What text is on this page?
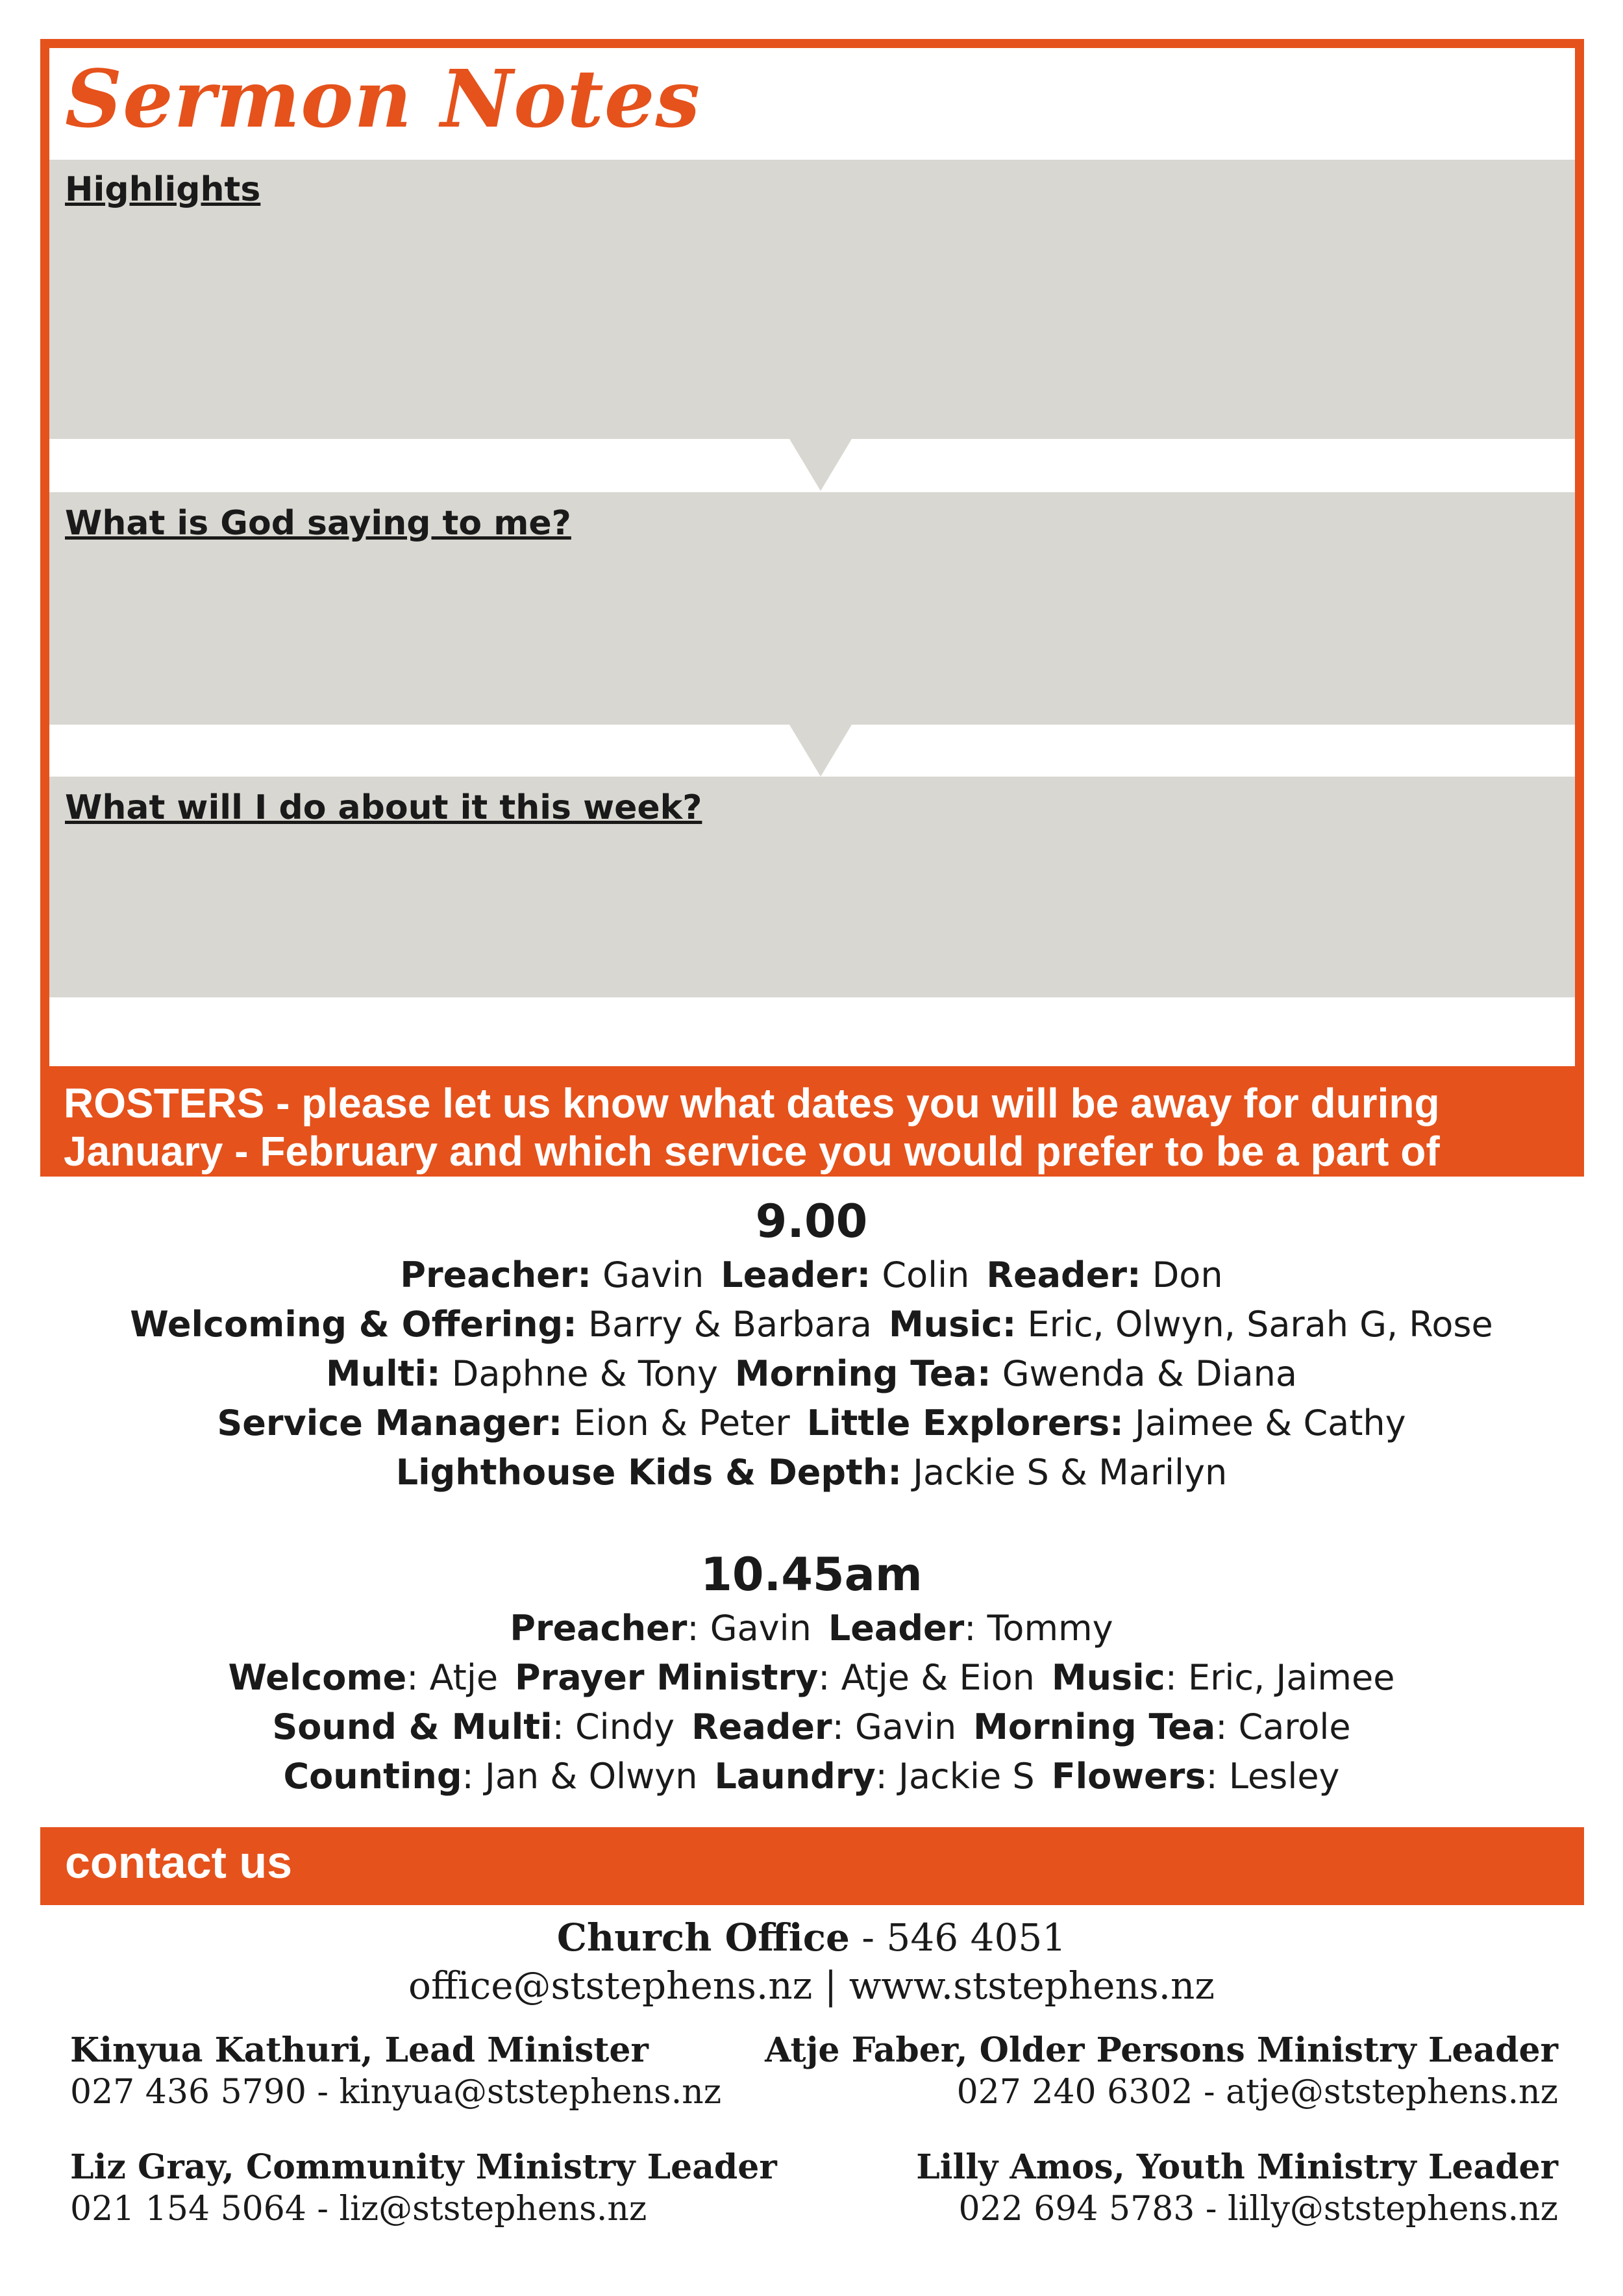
Sermon Notes
Highlights
What is God saying to me?
What will I do about it this week?
ROSTERS - please let us know what dates you will be away for during
January - February and which service you would prefer to be a part of
9.00
Preacher: Gavin Leader: Colin Reader: Don
Welcoming & Offering: Barry & Barbara Music: Eric, Olwyn, Sarah G, Rose
Multi: Daphne & Tony Morning Tea: Gwenda & Diana
Service Manager: Eion & Peter Little Explorers: Jaimee & Cathy
Lighthouse Kids & Depth: Jackie S & Marilyn
10.45am
Preacher: Gavin Leader: Tommy
Welcome: Atje Prayer Ministry: Atje & Eion Music: Eric, Jaimee
Sound & Multi: Cindy Reader: Gavin Morning Tea: Carole
Counting: Jan & Olwyn Laundry: Jackie S Flowers: Lesley
contact us
Church Office - 546 4051
office@ststephens.nz | www.ststephens.nz
Kinyua Kathuri, Lead Minister
027 436 5790 - kinyua@ststephens.nz
Atje Faber, Older Persons Ministry Leader
027 240 6302 - atje@ststephens.nz
Liz Gray, Community Ministry Leader
021 154 5064 - liz@ststephens.nz
Lilly Amos, Youth Ministry Leader
022 694 5783 - lilly@ststephens.nz
